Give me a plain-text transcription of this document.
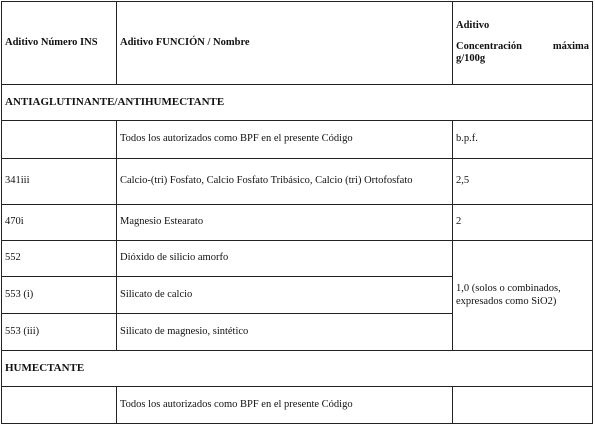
Aditivo Número INS	Aditivo FUNCIÓN / Nombre	Aditivo
Concentración máxima
g/100g

ANTIAGLUTINANTE/ANTIHUMECTANTE		
	Todos los autorizados como BPF en el presente Código	b.p.f.
341iii	Calcio-(tri) Fosfato, Calcio Fosfato Tribásico, Calcio (tri) Ortofosfato	2,5
470i	Magnesio Estearato	2
552	Dióxido de silicio amorfo	1,0 (solos o combinados, expresados como SiO2)
553 (i)	Silicato de calcio	
553 (iii)	Silicato de magnesio, sintético	
HUMECTANTE		
	Todos los autorizados como BPF en el presente Código	
